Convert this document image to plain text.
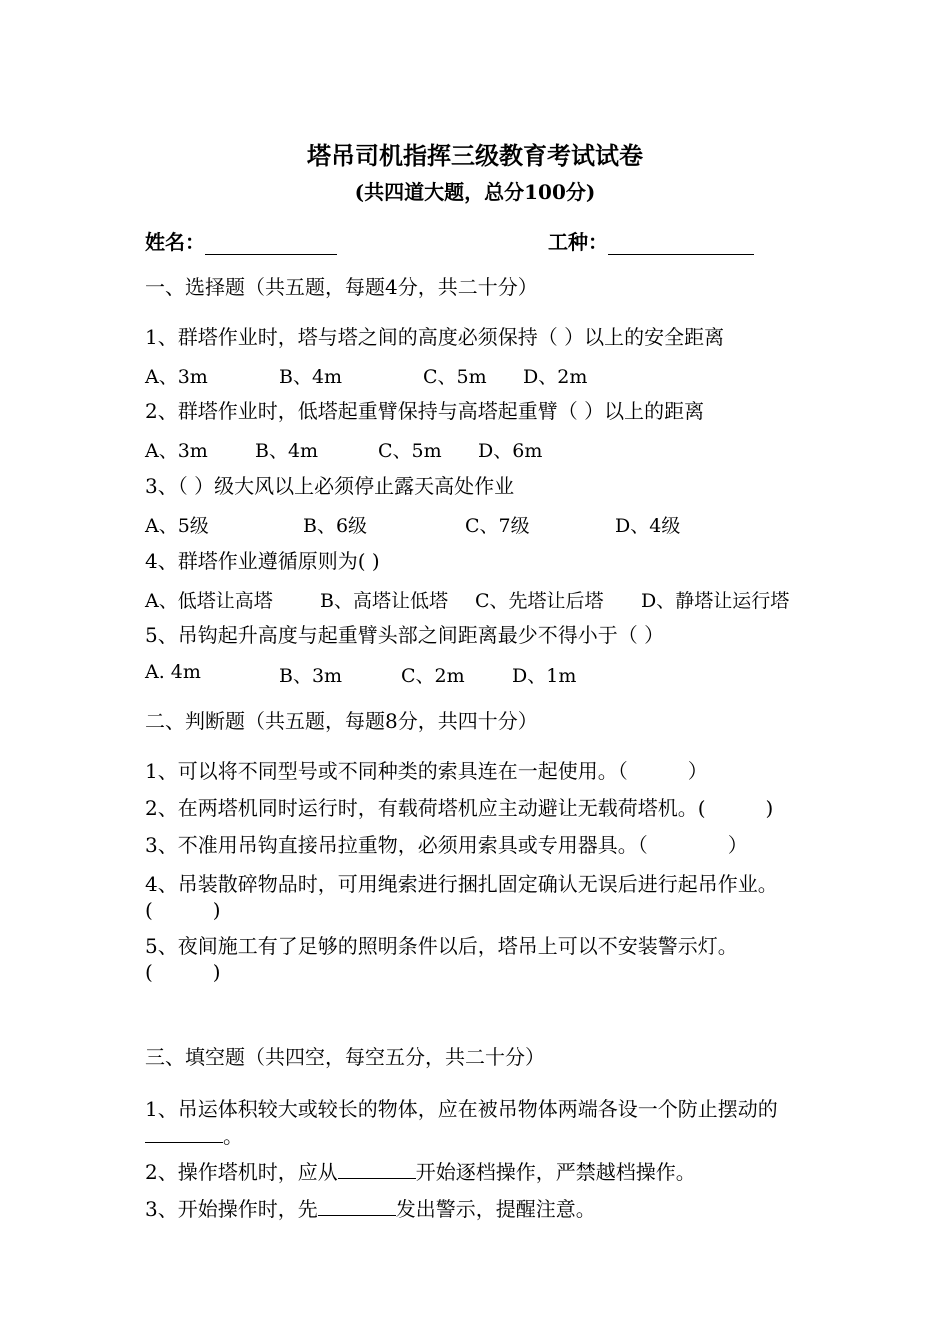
塔吊司机指挥三级教育考试试卷
(共四道大题，总分100分)
姓名：	工种：
一、选择题（共五题，每题4分，共二十分）
1、群塔作业时，塔与塔之间的高度必须保持（ ）以上的安全距离
A、3m	B、4m	C、5m D、2m
2、群塔作业时，低塔起重臂保持与高塔起重臂（ ）以上的距离
A、3m B、4m	C、5m D、6m
3、（ ）级大风以上必须停止露天高处作业
A、5级	B、6级	C、7级	D、4级
4、群塔作业遵循原则为( )
A、低塔让高塔 B、高塔让低塔 C、先塔让后塔 D、静塔让运行塔
5、吊钩起升高度与起重臂头部之间距离最少不得小于（ ）
A. 4m	B、3m	C、2m D、1m
二、判断题（共五题，每题8分，共四十分）
1、可以将不同型号或不同种类的索具连在一起使用。（　　　）
2、在两塔机同时运行时，有载荷塔机应主动避让无载荷塔机。(　　　)
3、不准用吊钩直接吊拉重物，必须用索具或专用器具。（　　　　）
4、吊装散碎物品时，可用绳索进行捆扎固定确认无误后进行起吊作业。(　　　)
5、夜间施工有了足够的照明条件以后，塔吊上可以不安装警示灯。(　　　)
三、填空题（共四空，每空五分，共二十分）
1、吊运体积较大或较长的物体，应在被吊物体两端各设一个防止摆动的。
2、操作塔机时，应从	开始逐档操作，严禁越档操作。
3、开始操作时，先	发出警示，提醒注意。
